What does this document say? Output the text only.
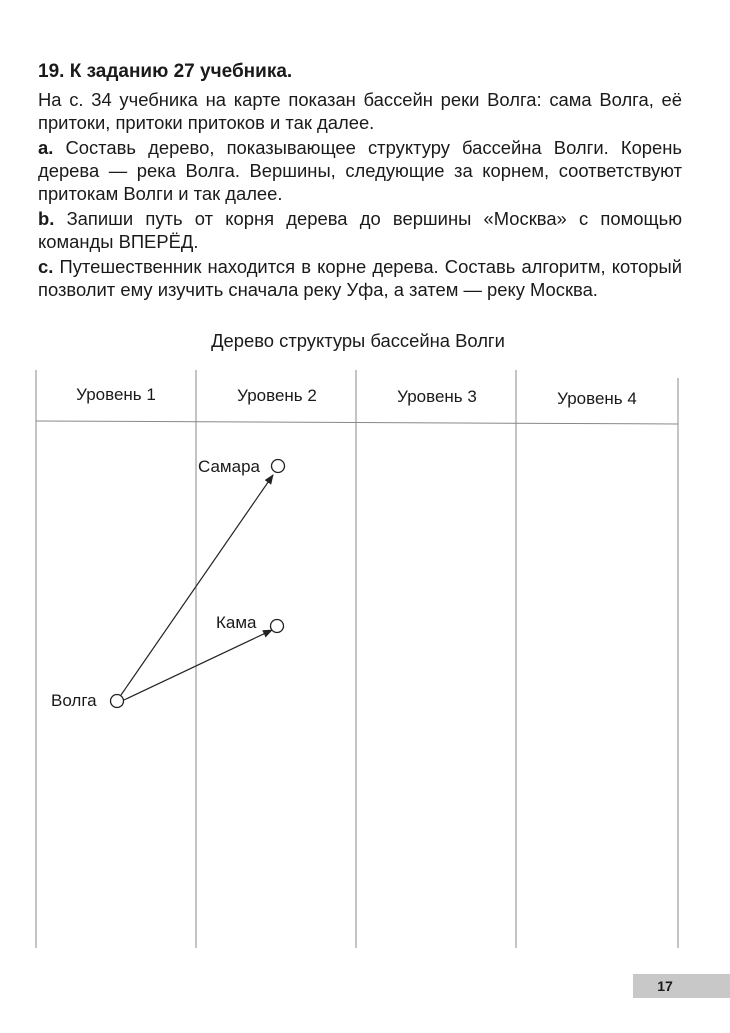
19. К заданию 27 учебника.

На с. 34 учебника на карте показан бассейн реки Волга: сама Волга, её притоки, притоки притоков и так далее.

a. Составь дерево, показывающее структуру бассейна Волги. Корень дерева — река Волга. Вершины, следующие за корнем, соответствуют притокам Волги и так далее.

b. Запиши путь от корня дерева до вершины «Москва» с помощью команды ВПЕРЁД.

c. Путешественник находится в корне дерева. Составь алгоритм, который позволит ему изучить сначала реку Уфа, а затем — реку Москва.

Дерево структуры бассейна Волги
Уровень 1	Уровень 2	Уровень 3	Уровень 4
Волга
Самара
Кама
17
